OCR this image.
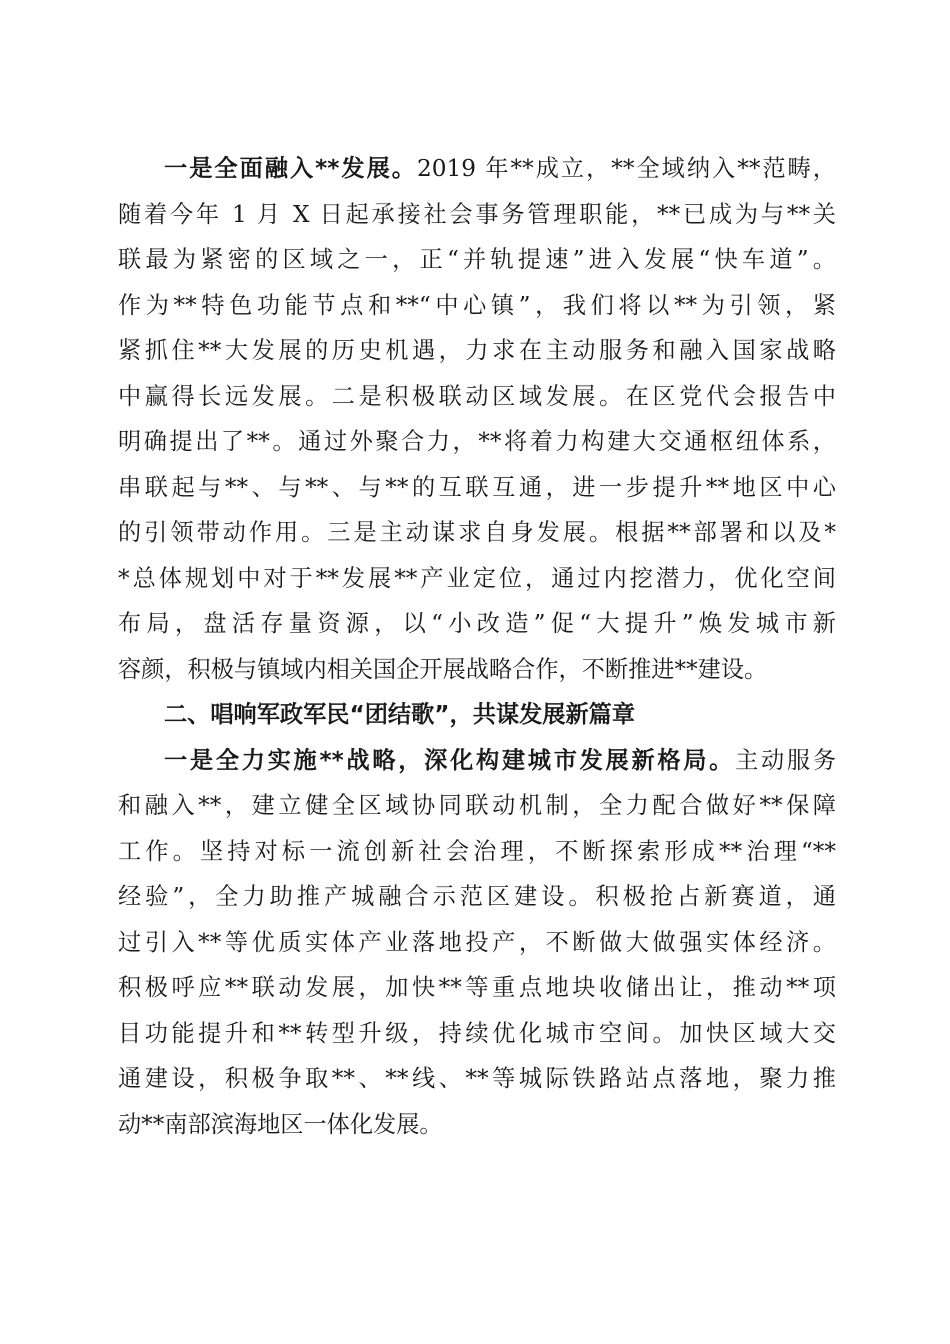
一是全面融入**发展。2019 年**成立，**全域纳入**范畴，
随着今年 1 月 X 日起承接社会事务管理职能，**已成为与**关
联最为紧密的区域之一，正“并轨提速”进入发展“快车道”。
作为**特色功能节点和**“中心镇”，我们将以**为引领，紧
紧抓住**大发展的历史机遇，力求在主动服务和融入国家战略
中赢得长远发展。二是积极联动区域发展。在区党代会报告中
明确提出了**。通过外聚合力，**将着力构建大交通枢纽体系，
串联起与**、与**、与**的互联互通，进一步提升**地区中心
的引领带动作用。三是主动谋求自身发展。根据**部署和以及*
*总体规划中对于**发展**产业定位，通过内挖潜力，优化空间
布局，盘活存量资源，以“小改造”促“大提升”焕发城市新
容颜，积极与镇域内相关国企开展战略合作，不断推进**建设。
二、唱响军政军民“团结歌”，共谋发展新篇章
一是全力实施**战略，深化构建城市发展新格局。主动服务
和融入**，建立健全区域协同联动机制，全力配合做好**保障
工作。坚持对标一流创新社会治理，不断探索形成**治理“**
经验”，全力助推产城融合示范区建设。积极抢占新赛道，通
过引入**等优质实体产业落地投产，不断做大做强实体经济。
积极呼应**联动发展，加快**等重点地块收储出让，推动**项
目功能提升和**转型升级，持续优化城市空间。加快区域大交
通建设，积极争取**、**线、**等城际铁路站点落地，聚力推
动**南部滨海地区一体化发展。
